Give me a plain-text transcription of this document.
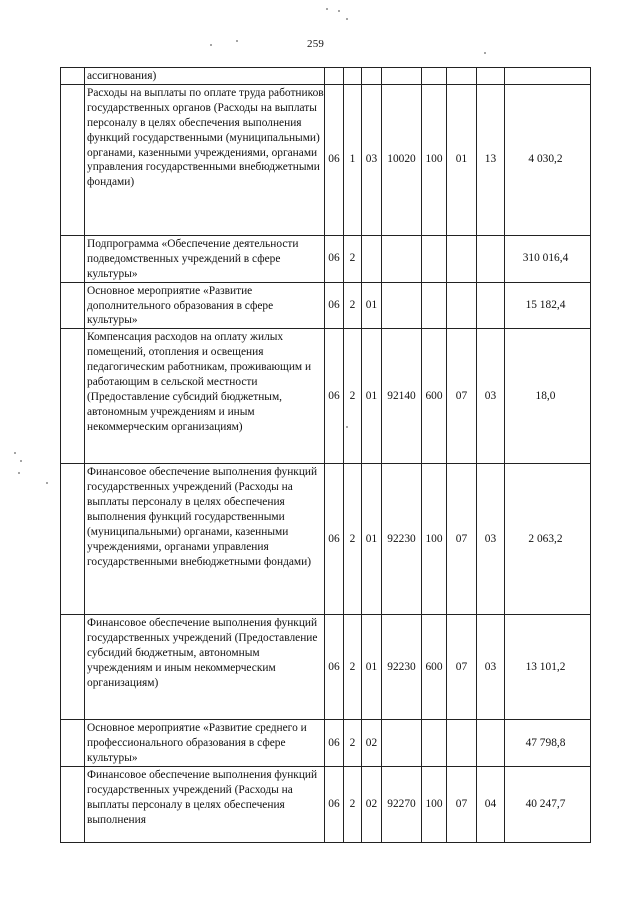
259
	ассигнования)								
	Расходы на выплаты по оплате труда работников государственных органов (Расходы на выплаты персоналу в целях обеспечения выполнения функций государственными (муниципальными) органами, казенными учреждениями, органами управления государственными внебюджетными фондами)	06	1	03	10020	100	01	13	4 030,2
	Подпрограмма «Обеспечение деятельности подведомственных учреждений в сфере культуры»	06	2						310 016,4
	Основное мероприятие «Развитие дополнительного образования в сфере культуры»	06	2	01					15 182,4
	Компенсация расходов на оплату жилых помещений, отопления и освещения педагогическим работникам, проживающим и работающим в сельской местности (Предоставление субсидий бюджетным, автономным учреждениям и иным некоммерческим организациям)	06	2	01	92140	600	07	03	18,0
	Финансовое обеспечение выполнения функций государственных учреждений (Расходы на выплаты персоналу в целях обеспечения выполнения функций государственными (муниципальными) органами, казенными учреждениями, органами управления государственными внебюджетными фондами)	06	2	01	92230	100	07	03	2 063,2
	Финансовое обеспечение выполнения функций государственных учреждений (Предоставление субсидий бюджетным, автономным учреждениям и иным некоммерческим организациям)	06	2	01	92230	600	07	03	13 101,2
	Основное мероприятие «Развитие среднего и профессионального образования в сфере культуры»	06	2	02					47 798,8
	Финансовое обеспечение выполнения функций государственных учреждений (Расходы на выплаты персоналу в целях обеспечения выполнения	06	2	02	92270	100	07	04	40 247,7
